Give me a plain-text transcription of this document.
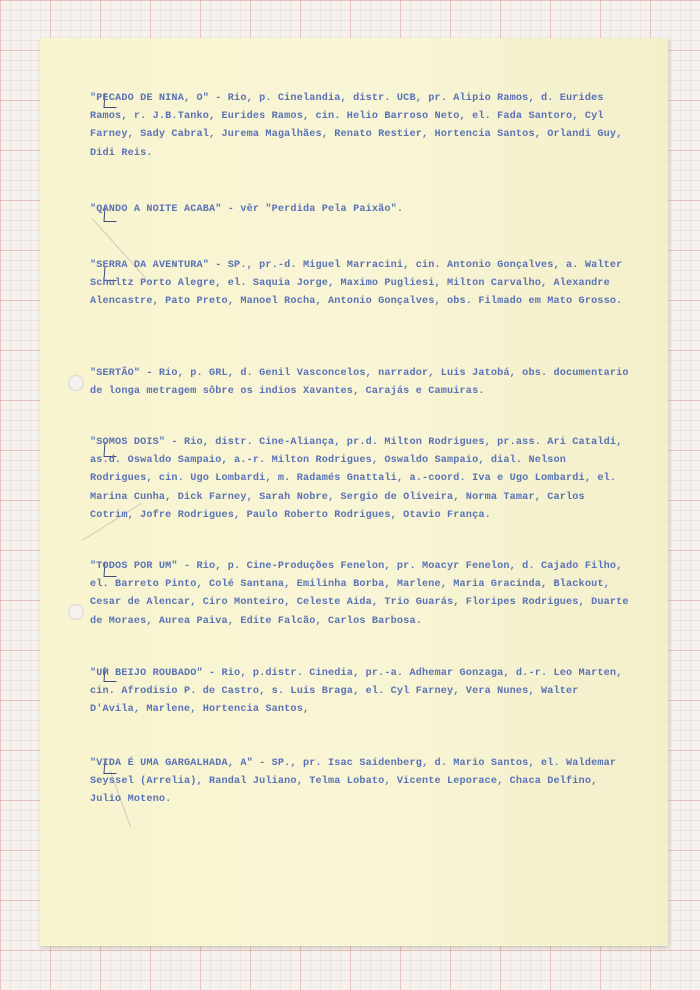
"PECADO DE NINA, O" - Rio, p. Cinelandia, distr. UCB, pr. Alipio Ramos, d. Eurides Ramos, r. J.B.Tanko, Eurides Ramos, cin. Helio Barroso Neto, el. Fada Santoro, Cyl Farney, Sady Cabral, Jurema Magalhães, Renato Restier, Hortencia Santos, Orlandi Guy, Didi Reis.

"QANDO A NOITE ACABA" - vêr "Perdida Pela Paixão".

"SERRA DA AVENTURA" - SP., pr.-d. Miguel Marracini, cin. Antonio Gonçalves, a. Walter Schultz Porto Alegre, el. Saquia Jorge, Maximo Pugliesi, Milton Carvalho, Alexandre Alencastre, Pato Preto, Manoel Rocha, Antonio Gonçalves, obs. Filmado em Mato Grosso.

"SERTÃO" - Rio, p. GRL, d. Genil Vasconcelos, narrador, Luis Jatobá, obs. documentario de longa metragem sôbre os indios Xavantes, Carajás e Camuiras.

"SOMOS DOIS" - Rio, distr. Cine-Aliança, pr.d. Milton Rodrigues, pr.ass. Ari Cataldi, as.d. Oswaldo Sampaio, a.-r. Milton Rodrigues, Oswaldo Sampaio, dial. Nelson Rodrigues, cin. Ugo Lombardi, m. Radamés Gnattali, a.-coord. Iva e Ugo Lombardi, el. Marina Cunha, Dick Farney, Sarah Nobre, Sergio de Oliveira, Norma Tamar, Carlos Cotrim, Jofre Rodrigues, Paulo Roberto Rodrigues, Otavio França.

"TODOS POR UM" - Rio, p. Cine-Produções Fenelon, pr. Moacyr Fenelon, d. Cajado Filho, el. Barreto Pinto, Colé Santana, Emilinha Borba, Marlene, Maria Gracinda, Blackout, Cesar de Alencar, Ciro Monteiro, Celeste Aida, Trio Guarás, Floripes Rodrigues, Duarte de Moraes, Aurea Paiva, Edite Falcão, Carlos Barbosa.

"UM BEIJO ROUBADO" - Rio, p.distr. Cinedia, pr.-a. Adhemar Gonzaga, d.-r. Leo Marten, cin. Afrodisio P. de Castro, s. Luis Braga, el. Cyl Farney, Vera Nunes, Walter D'Avila, Marlene, Hortencia Santos,

"VIDA É UMA GARGALHADA, A" - SP., pr. Isac Saidenberg, d. Mario Santos, el. Waldemar Seyssel (Arrelia), Randal Juliano, Telma Lobato, Vicente Leporace, Chaса Delfino, Julio Moteno.
